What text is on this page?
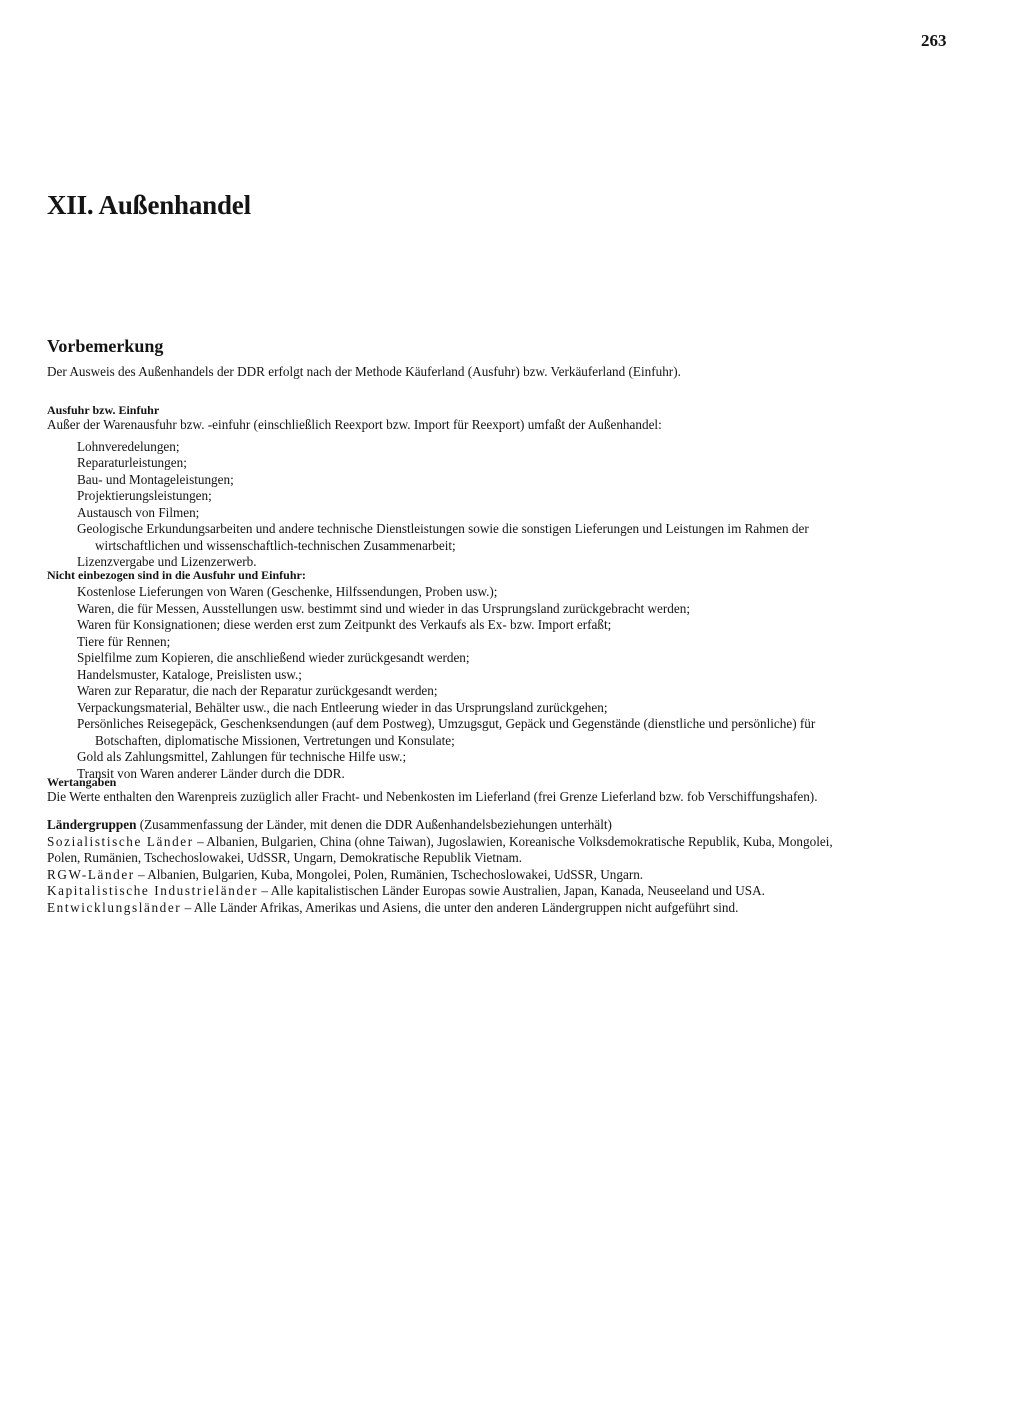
263
XII. Außenhandel
Vorbemerkung
Der Ausweis des Außenhandels der DDR erfolgt nach der Methode Käuferland (Ausfuhr) bzw. Verkäuferland (Einfuhr).
Ausfuhr bzw. Einfuhr
Außer der Warenausfuhr bzw. -einfuhr (einschließlich Reexport bzw. Import für Reexport) umfaßt der Außenhandel:
Lohnveredelungen;
Reparaturleistungen;
Bau- und Montageleistungen;
Projektierungsleistungen;
Austausch von Filmen;
Geologische Erkundungsarbeiten und andere technische Dienstleistungen sowie die sonstigen Lieferungen und Leistungen im Rahmen der
wirtschaftlichen und wissenschaftlich-technischen Zusammenarbeit;
Lizenzvergabe und Lizenzerwerb.
Nicht einbezogen sind in die Ausfuhr und Einfuhr:
Kostenlose Lieferungen von Waren (Geschenke, Hilfssendungen, Proben usw.);
Waren, die für Messen, Ausstellungen usw. bestimmt sind und wieder in das Ursprungsland zurückgebracht werden;
Waren für Konsignationen; diese werden erst zum Zeitpunkt des Verkaufs als Ex- bzw. Import erfaßt;
Tiere für Rennen;
Spielfilme zum Kopieren, die anschließend wieder zurückgesandt werden;
Handelsmuster, Kataloge, Preislisten usw.;
Waren zur Reparatur, die nach der Reparatur zurückgesandt werden;
Verpackungsmaterial, Behälter usw., die nach Entleerung wieder in das Ursprungsland zurückgehen;
Persönliches Reisegepäck, Geschenksendungen (auf dem Postweg), Umzugsgut, Gepäck und Gegenstände (dienstliche und persönliche) für
Botschaften, diplomatische Missionen, Vertretungen und Konsulate;
Gold als Zahlungsmittel, Zahlungen für technische Hilfe usw.;
Transit von Waren anderer Länder durch die DDR.
Wertangaben
Die Werte enthalten den Warenpreis zuzüglich aller Fracht- und Nebenkosten im Lieferland (frei Grenze Lieferland bzw. fob Verschiffungshafen).
Ländergruppen (Zusammenfassung der Länder, mit denen die DDR Außenhandelsbeziehungen unterhält)
Sozialistische Länder – Albanien, Bulgarien, China (ohne Taiwan), Jugoslawien, Koreanische Volksdemokratische Republik, Kuba, Mongolei,
Polen, Rumänien, Tschechoslowakei, UdSSR, Ungarn, Demokratische Republik Vietnam.
RGW-Länder – Albanien, Bulgarien, Kuba, Mongolei, Polen, Rumänien, Tschechoslowakei, UdSSR, Ungarn.
Kapitalistische Industrieländer – Alle kapitalistischen Länder Europas sowie Australien, Japan, Kanada, Neuseeland und USA.
Entwicklungsländer – Alle Länder Afrikas, Amerikas und Asiens, die unter den anderen Ländergruppen nicht aufgeführt sind.
